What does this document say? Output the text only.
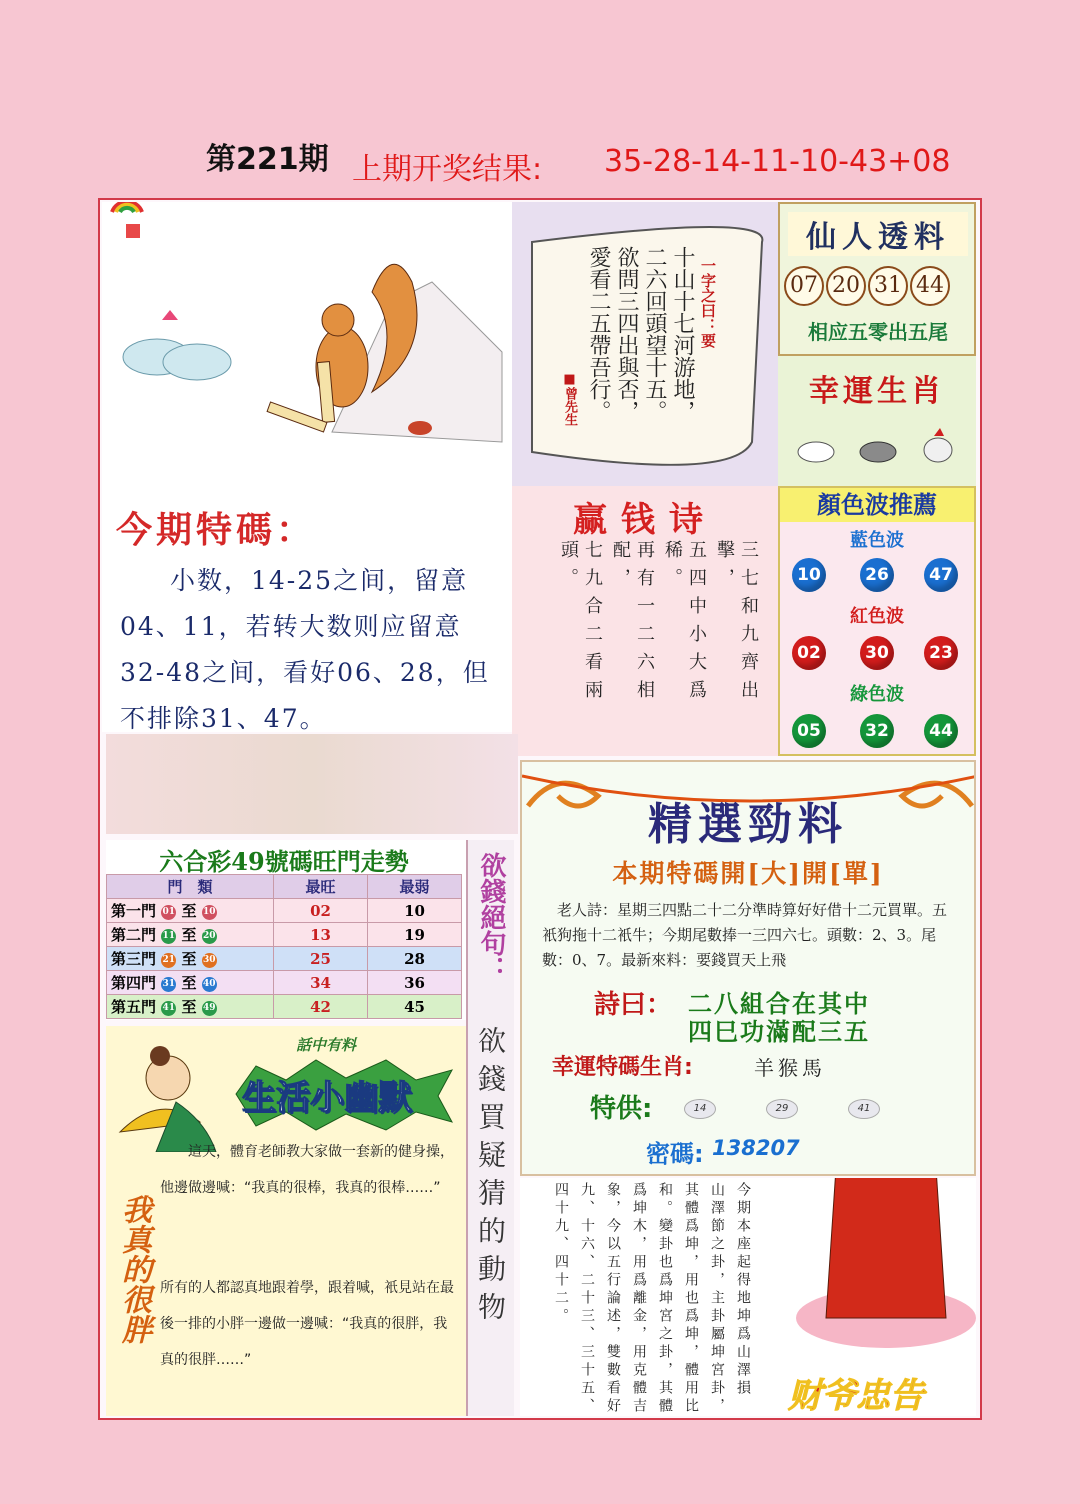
第221期 上期开奖结果: 35-28-14-11-10-43+08
■曾先生
一字之曰：要
十山十七河游地，
二六回頭望十五。
欲問三四出與否，
愛看二五帶吾行。
仙人透料
07 20 31 44
相应五零出五尾
幸運生肖
今期特碼：
小数，14-25之间，留意04、11，若转大数则应留意32-48之间，看好06、28，但不排除31、47。
赢钱诗
三七和九齊出擊，
五四中小大爲稀。
再有一二六相配，
七九合二看兩頭。
顏色波推薦
藍色波
10	26	47
紅色波
02	30	23
綠色波
05	32	44
六合彩49號碼旺門走勢
門　類	最旺	最弱
第一門 01 至 10	02	10
第二門 11 至 20	13	19
第三門 21 至 30	25	28
第四門 31 至 40	34	36
第五門 41 至 49	42	45
欲錢絕句：
欲錢買疑猜的動物
話中有料
生活小幽默
我真的很胖
這天，體育老師教大家做一套新的健身操，他邊做邊喊：“我真的很棒，我真的很棒……”
所有的人都認真地跟着學，跟着喊，衹見站在最後一排的小胖一邊做一邊喊：“我真的很胖，我真的很胖……”
精選勁料
本期特碼開[大]開[單]
老人詩：星期三四點二十二分準時算好好借十二元買單。五衹狗拖十二衹牛；今期尾數捧一三四六七。頭數：2、3。尾數：0、7。最新來料：要錢買天上飛
詩曰： 二八組合在其中
四巳功滿配三五
幸運特碼生肖:	羊猴馬
特供:	14	29	41
密碼: 138207
今期本座起得地坤爲山澤損
山澤節之卦，主卦屬坤宮卦，
其體爲坤，用也爲坤，體用比
和。變卦也爲坤宮之卦，其體
爲坤木，用爲離金，用克體吉
象，今以五行論述，雙數看好
九、十六、二十三、三十五、
四十九、四十二。
财爷忠告
